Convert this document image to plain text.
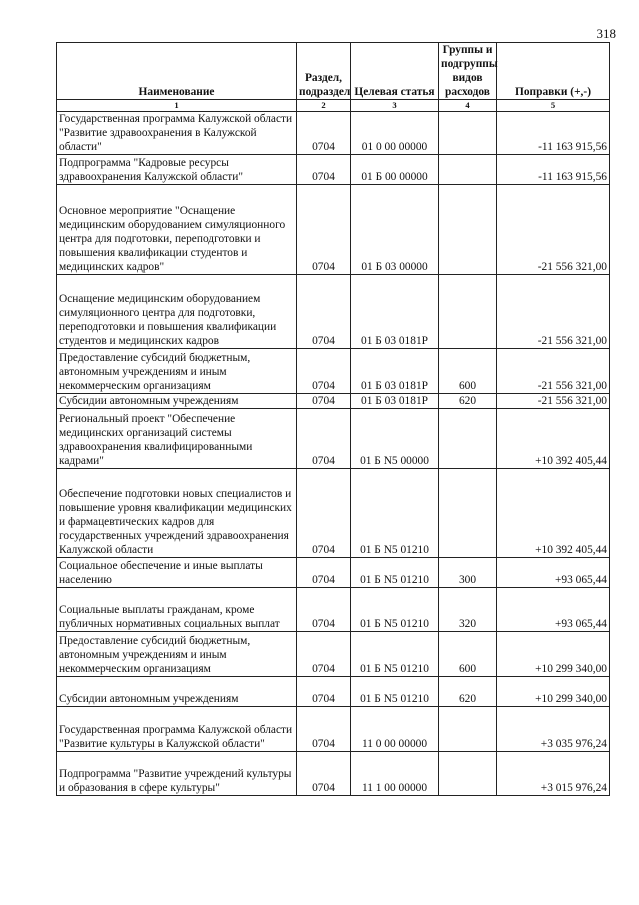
318
Наименование	Раздел, подраздел	Целевая статья	Группы и подгруппы видов расходов	Поправки (+,-)
1	2	3	4	5
Государственная программа Калужской области "Развитие здравоохранения в Калужской области"	0704	01 0 00 00000		-11 163 915,56
Подпрограмма "Кадровые ресурсы здравоохранения Калужской области"	0704	01 Б 00 00000		-11 163 915,56
Основное мероприятие "Оснащение медицинским оборудованием симуляционного центра для подготовки, переподготовки и повышения квалификации студентов и медицинских кадров"	0704	01 Б 03 00000		-21 556 321,00
Оснащение медицинским оборудованием симуляционного центра для подготовки, переподготовки и повышения квалификации студентов и медицинских кадров	0704	01 Б 03 0181Р		-21 556 321,00
Предоставление субсидий бюджетным, автономным учреждениям и иным некоммерческим организациям	0704	01 Б 03 0181Р	600	-21 556 321,00
Субсидии автономным учреждениям	0704	01 Б 03 0181Р	620	-21 556 321,00
Региональный проект "Обеспечение медицинских организаций системы здравоохранения квалифицированными кадрами"	0704	01 Б N5 00000		+10 392 405,44
Обеспечение подготовки новых специалистов и повышение уровня квалификации медицинских и фармацевтических кадров для государственных учреждений здравоохранения Калужской области	0704	01 Б N5 01210		+10 392 405,44
Социальное обеспечение и иные выплаты населению	0704	01 Б N5 01210	300	+93 065,44
Социальные выплаты гражданам, кроме публичных нормативных социальных выплат	0704	01 Б N5 01210	320	+93 065,44
Предоставление субсидий бюджетным, автономным учреждениям и иным некоммерческим организациям	0704	01 Б N5 01210	600	+10 299 340,00
Субсидии автономным учреждениям	0704	01 Б N5 01210	620	+10 299 340,00
Государственная программа Калужской области "Развитие культуры в Калужской области"	0704	11 0 00 00000		+3 035 976,24
Подпрограмма "Развитие учреждений культуры и образования в сфере культуры"	0704	11 1 00 00000		+3 015 976,24
